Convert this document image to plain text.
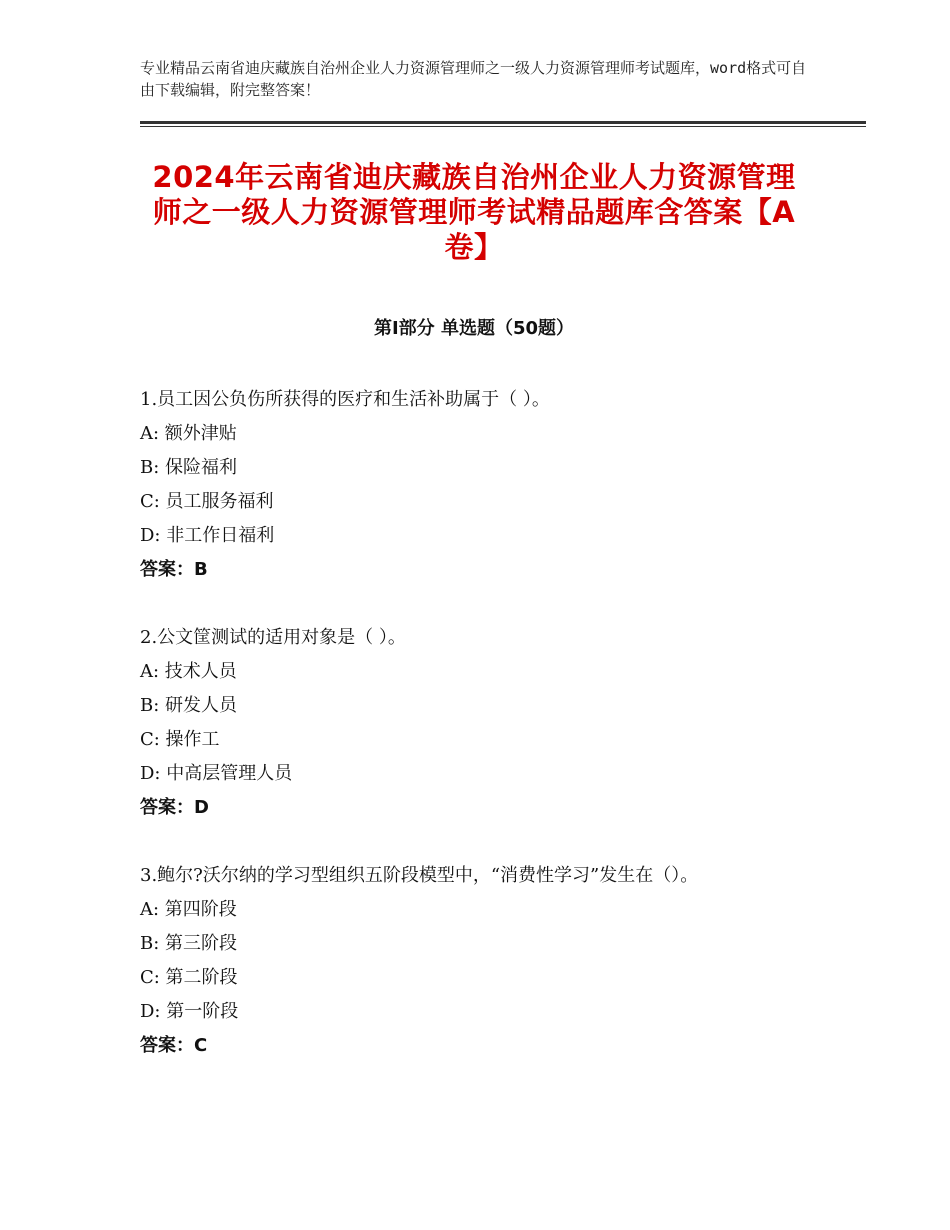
专业精品云南省迪庆藏族自治州企业人力资源管理师之一级人力资源管理师考试题库，word格式可自由下载编辑，附完整答案！
2024年云南省迪庆藏族自治州企业人力资源管理师之一级人力资源管理师考试精品题库含答案【A卷】
第Ⅰ部分 单选题（50题）
1.员工因公负伤所获得的医疗和生活补助属于（ ）。
A: 额外津贴
B: 保险福利
C: 员工服务福利
D: 非工作日福利
答案：B
2.公文筐测试的适用对象是（ ）。
A: 技术人员
B: 研发人员
C: 操作工
D: 中高层管理人员
答案：D
3.鲍尔?沃尔纳的学习型组织五阶段模型中，“消费性学习”发生在（）。
A: 第四阶段
B: 第三阶段
C: 第二阶段
D: 第一阶段
答案：C
